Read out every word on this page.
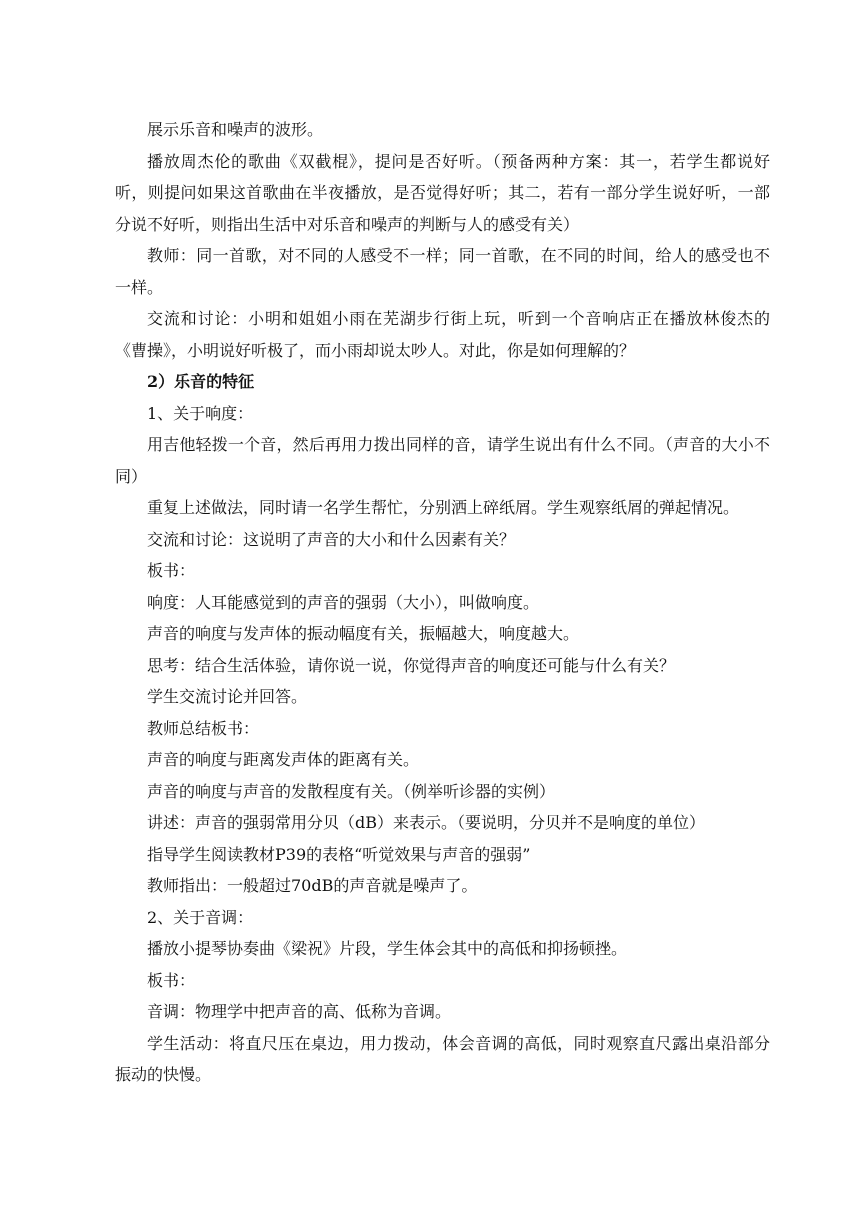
展示乐音和噪声的波形。

播放周杰伦的歌曲《双截棍》，提问是否好听。（预备两种方案：其一，若学生都说好听，则提问如果这首歌曲在半夜播放，是否觉得好听；其二，若有一部分学生说好听，一部分说不好听，则指出生活中对乐音和噪声的判断与人的感受有关）

教师：同一首歌，对不同的人感受不一样；同一首歌，在不同的时间，给人的感受也不一样。

交流和讨论：小明和姐姐小雨在芜湖步行街上玩，听到一个音响店正在播放林俊杰的《曹操》，小明说好听极了，而小雨却说太吵人。对此，你是如何理解的？

2）乐音的特征

1、关于响度：

用吉他轻拨一个音，然后再用力拨出同样的音，请学生说出有什么不同。（声音的大小不同）

重复上述做法，同时请一名学生帮忙，分别洒上碎纸屑。学生观察纸屑的弹起情况。

交流和讨论：这说明了声音的大小和什么因素有关？

板书：

响度：人耳能感觉到的声音的强弱（大小），叫做响度。

声音的响度与发声体的振动幅度有关，振幅越大，响度越大。

思考：结合生活体验，请你说一说，你觉得声音的响度还可能与什么有关？

学生交流讨论并回答。

教师总结板书：

声音的响度与距离发声体的距离有关。

声音的响度与声音的发散程度有关。（例举听诊器的实例）

讲述：声音的强弱常用分贝（dB）来表示。（要说明，分贝并不是响度的单位）

指导学生阅读教材P39的表格“听觉效果与声音的强弱”

教师指出：一般超过70dB的声音就是噪声了。

2、关于音调：

播放小提琴协奏曲《梁祝》片段，学生体会其中的高低和抑扬顿挫。

板书：

音调：物理学中把声音的高、低称为音调。

学生活动：将直尺压在桌边，用力拨动，体会音调的高低，同时观察直尺露出桌沿部分振动的快慢。
